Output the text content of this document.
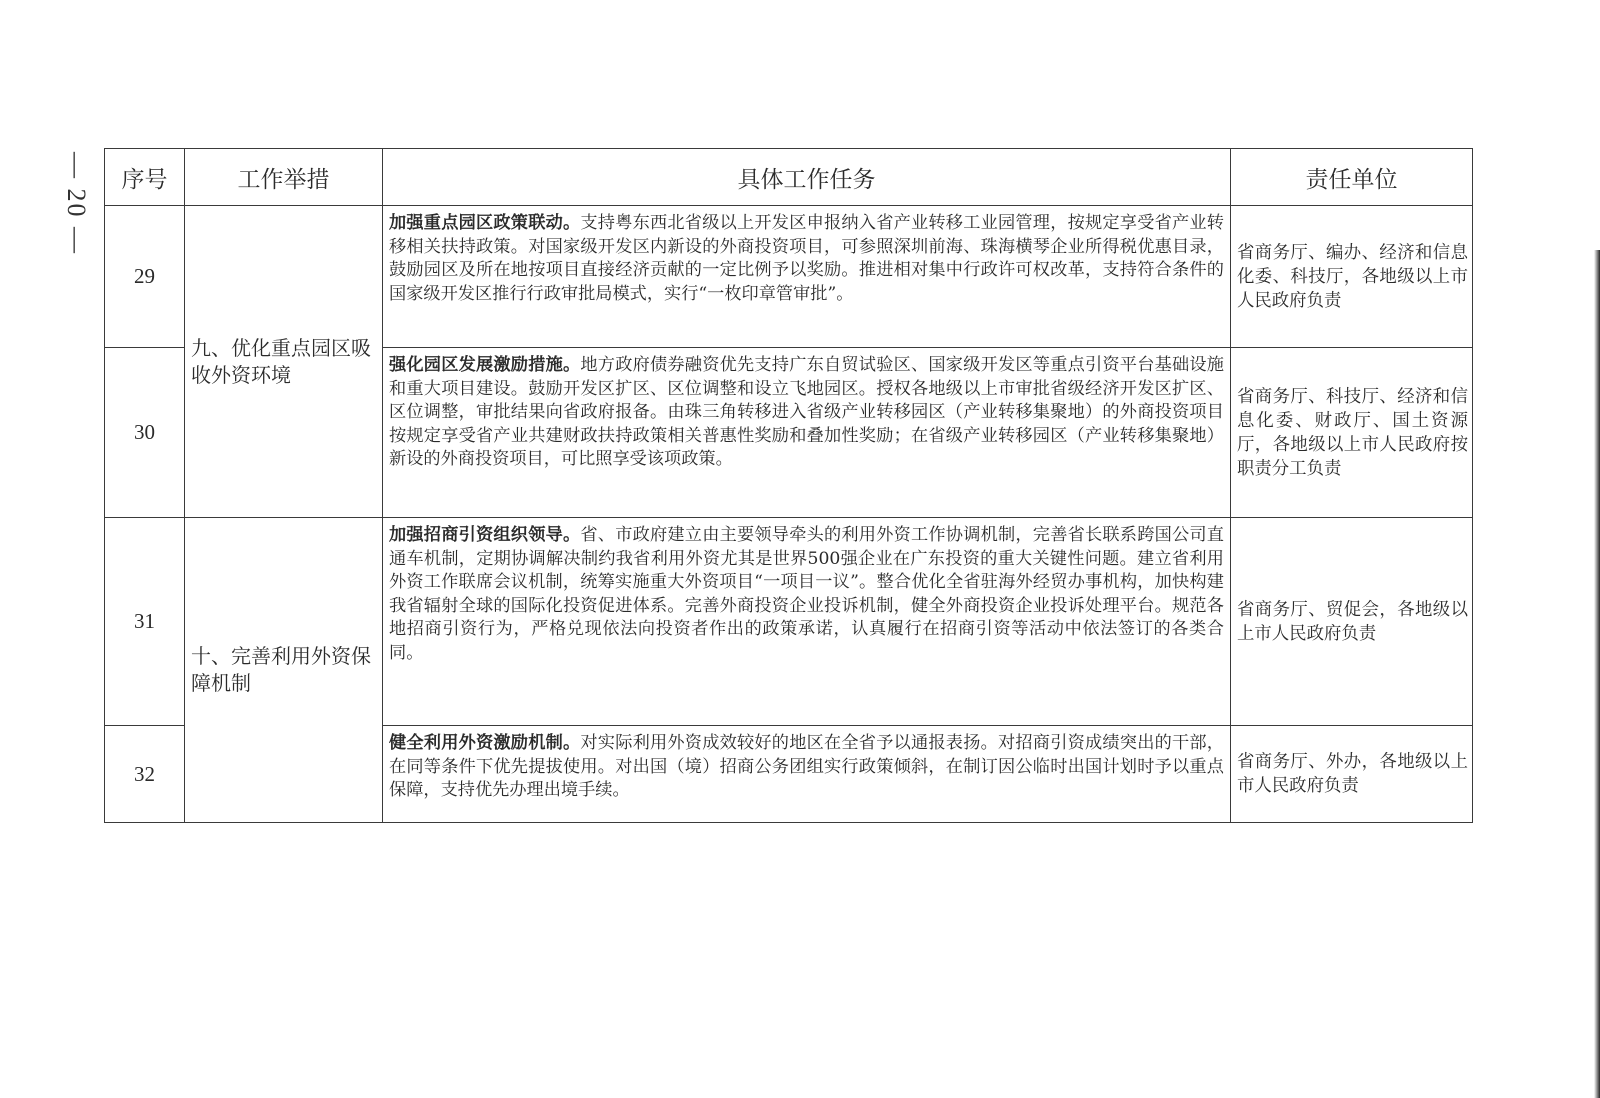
— 20 — 序号	工作举措	具体工作任务	责任单位
29	九、优化重点园区吸收外资环境	加强重点园区政策联动。支持粤东西北省级以上开发区申报纳入省产业转移工业园管理，按规定享受省产业转移相关扶持政策。对国家级开发区内新设的外商投资项目，可参照深圳前海、珠海横琴企业所得税优惠目录，鼓励园区及所在地按项目直接经济贡献的一定比例予以奖励。推进相对集中行政许可权改革，支持符合条件的国家级开发区推行行政审批局模式，实行“一枚印章管审批”。	省商务厅、编办、经济和信息化委、科技厅，各地级以上市人民政府负责
30		强化园区发展激励措施。地方政府债券融资优先支持广东自贸试验区、国家级开发区等重点引资平台基础设施和重大项目建设。鼓励开发区扩区、区位调整和设立飞地园区。授权各地级以上市审批省级经济开发区扩区、区位调整，审批结果向省政府报备。由珠三角转移进入省级产业转移园区（产业转移集聚地）的外商投资项目按规定享受省产业共建财政扶持政策相关普惠性奖励和叠加性奖励；在省级产业转移园区（产业转移集聚地）新设的外商投资项目，可比照享受该项政策。	省商务厅、科技厅、经济和信息化委、财政厅、国土资源厅，各地级以上市人民政府按职责分工负责
31	十、完善利用外资保障机制	加强招商引资组织领导。省、市政府建立由主要领导牵头的利用外资工作协调机制，完善省长联系跨国公司直通车机制，定期协调解决制约我省利用外资尤其是世界500强企业在广东投资的重大关键性问题。建立省利用外资工作联席会议机制，统筹实施重大外资项目“一项目一议”。整合优化全省驻海外经贸办事机构，加快构建我省辐射全球的国际化投资促进体系。完善外商投资企业投诉机制，健全外商投资企业投诉处理平台。规范各地招商引资行为，严格兑现依法向投资者作出的政策承诺，认真履行在招商引资等活动中依法签订的各类合同。	省商务厅、贸促会，各地级以上市人民政府负责
32		健全利用外资激励机制。对实际利用外资成效较好的地区在全省予以通报表扬。对招商引资成绩突出的干部，在同等条件下优先提拔使用。对出国（境）招商公务团组实行政策倾斜，在制订因公临时出国计划时予以重点保障，支持优先办理出境手续。	省商务厅、外办，各地级以上市人民政府负责
